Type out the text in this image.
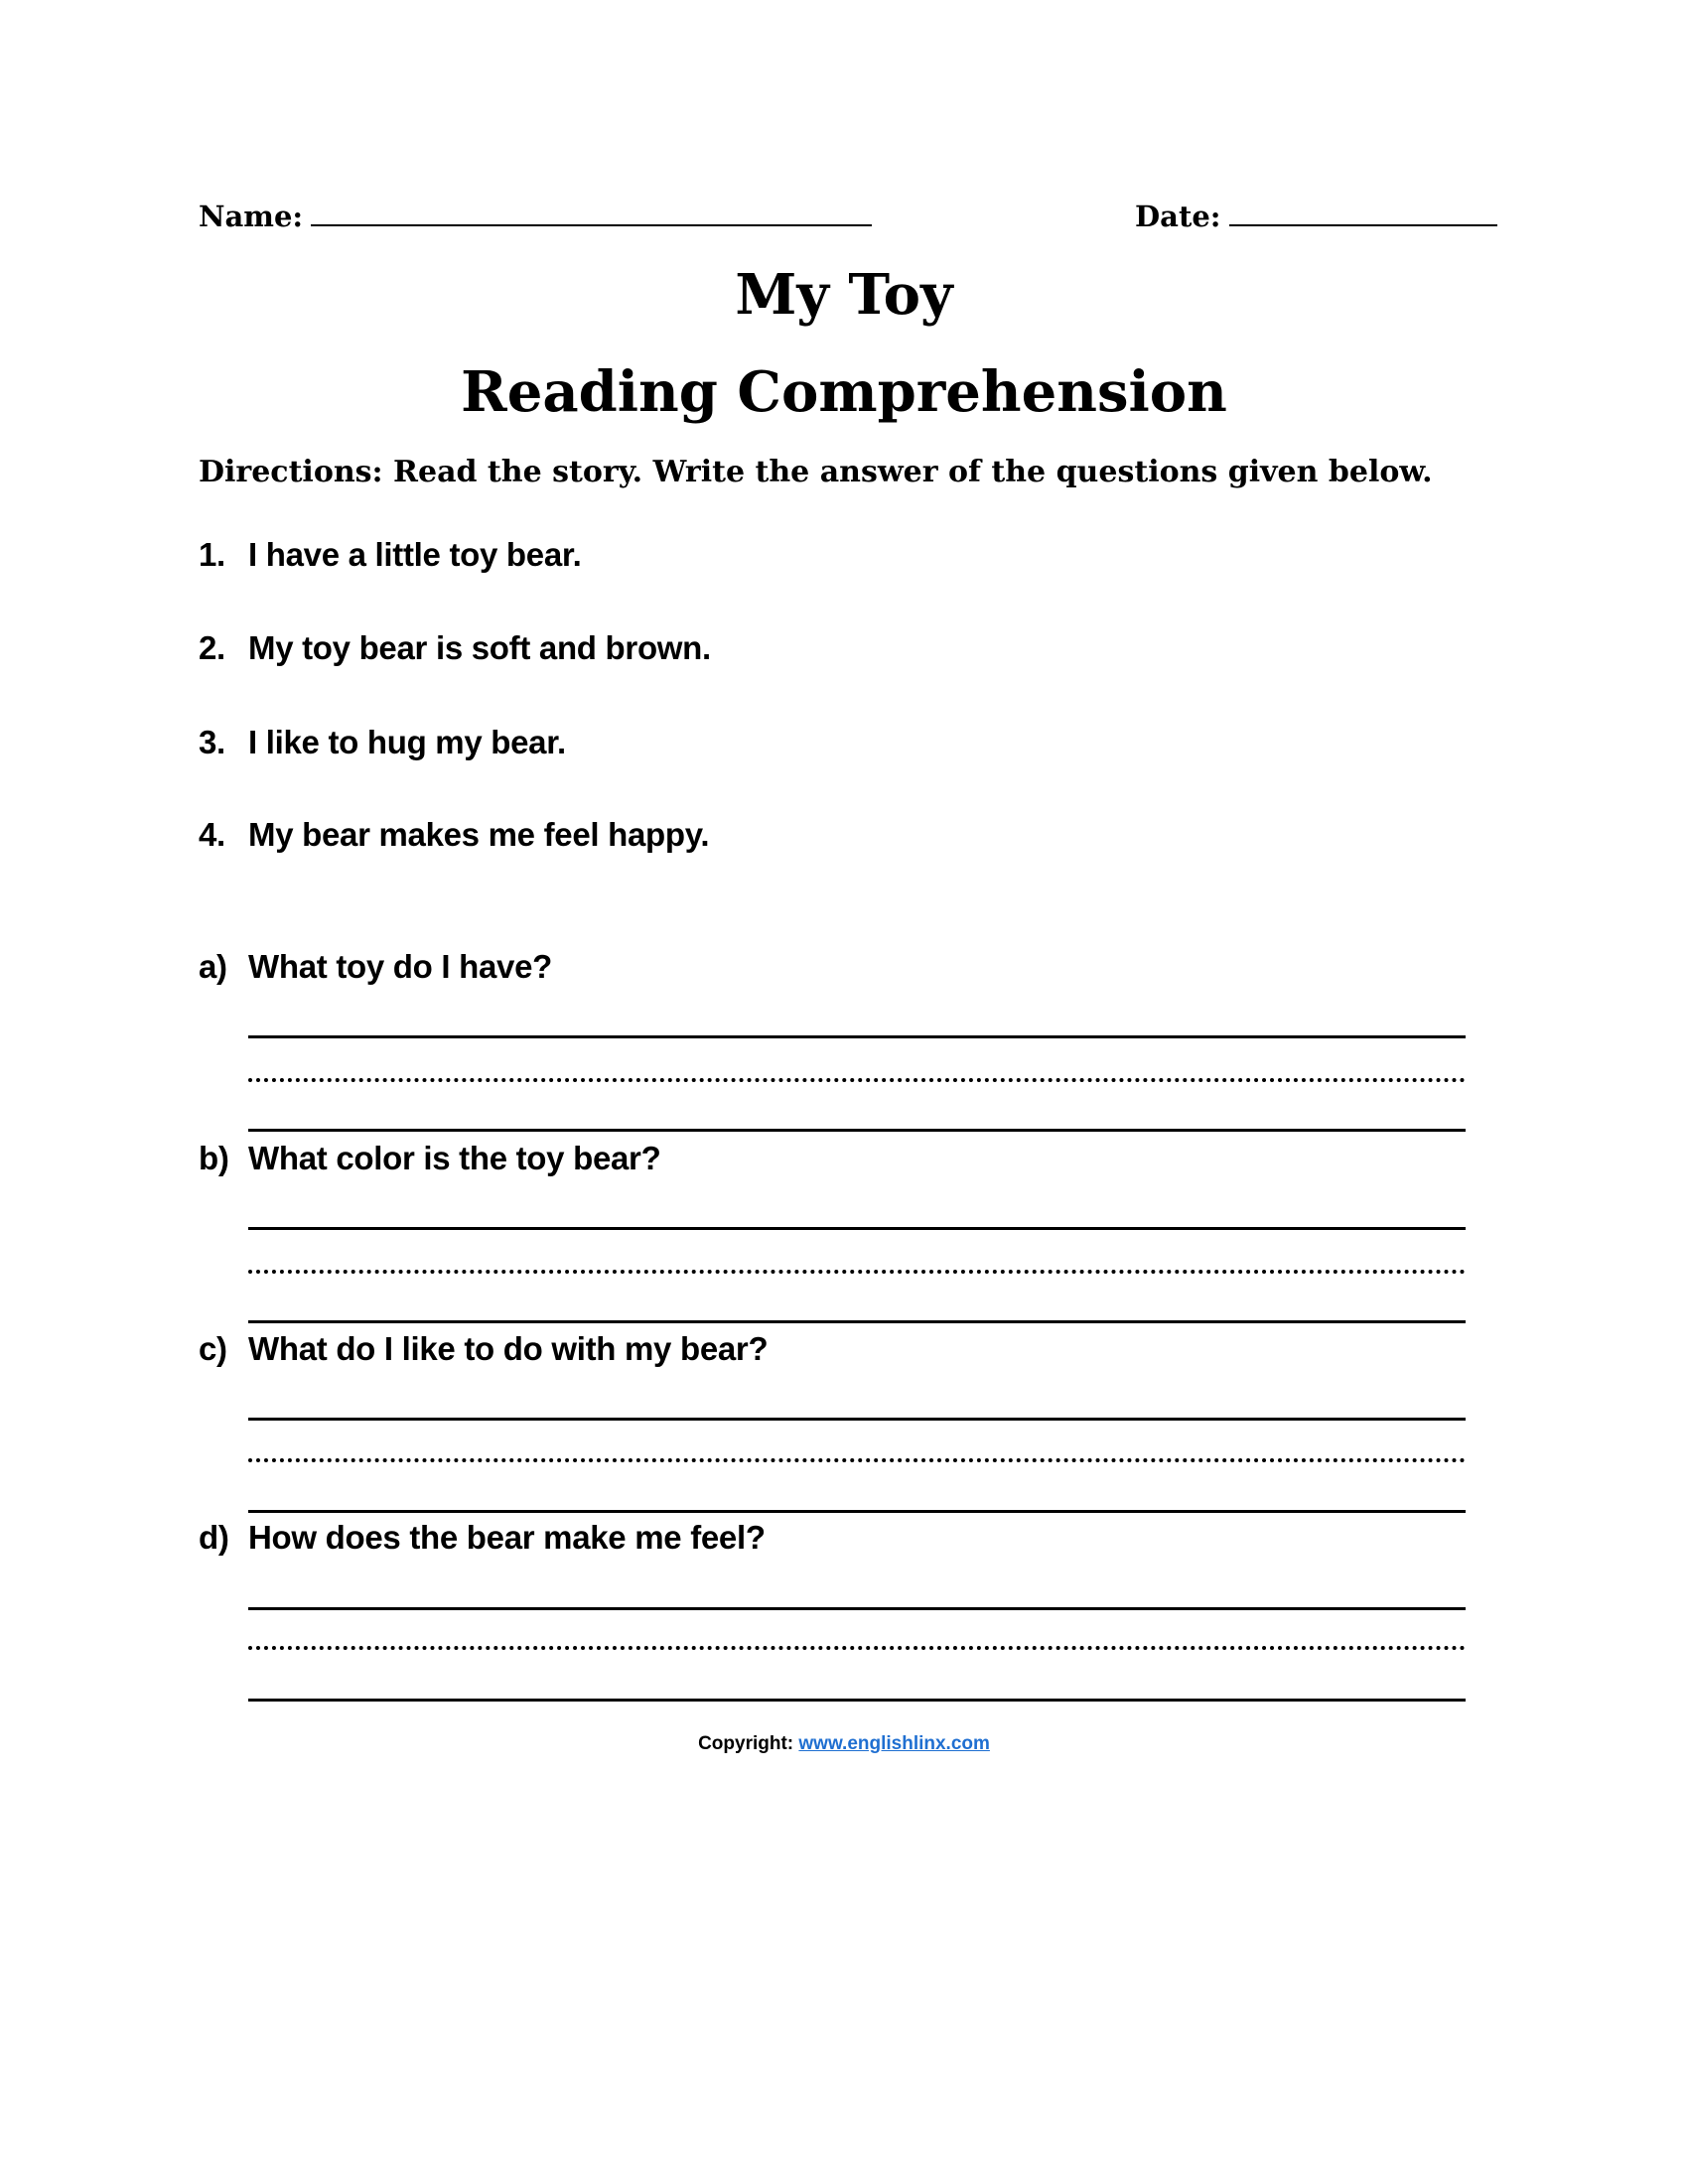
Name:	Date:
My Toy
Reading Comprehension
Directions: Read the story. Write the answer of the questions given below.
1. I have a little toy bear.
2. My toy bear is soft and brown.
3. I like to hug my bear.
4. My bear makes me feel happy.
a) What toy do I have?
b) What color is the toy bear?
c) What do I like to do with my bear?
d) How does the bear make me feel?
Copyright: www.englishlinx.com
